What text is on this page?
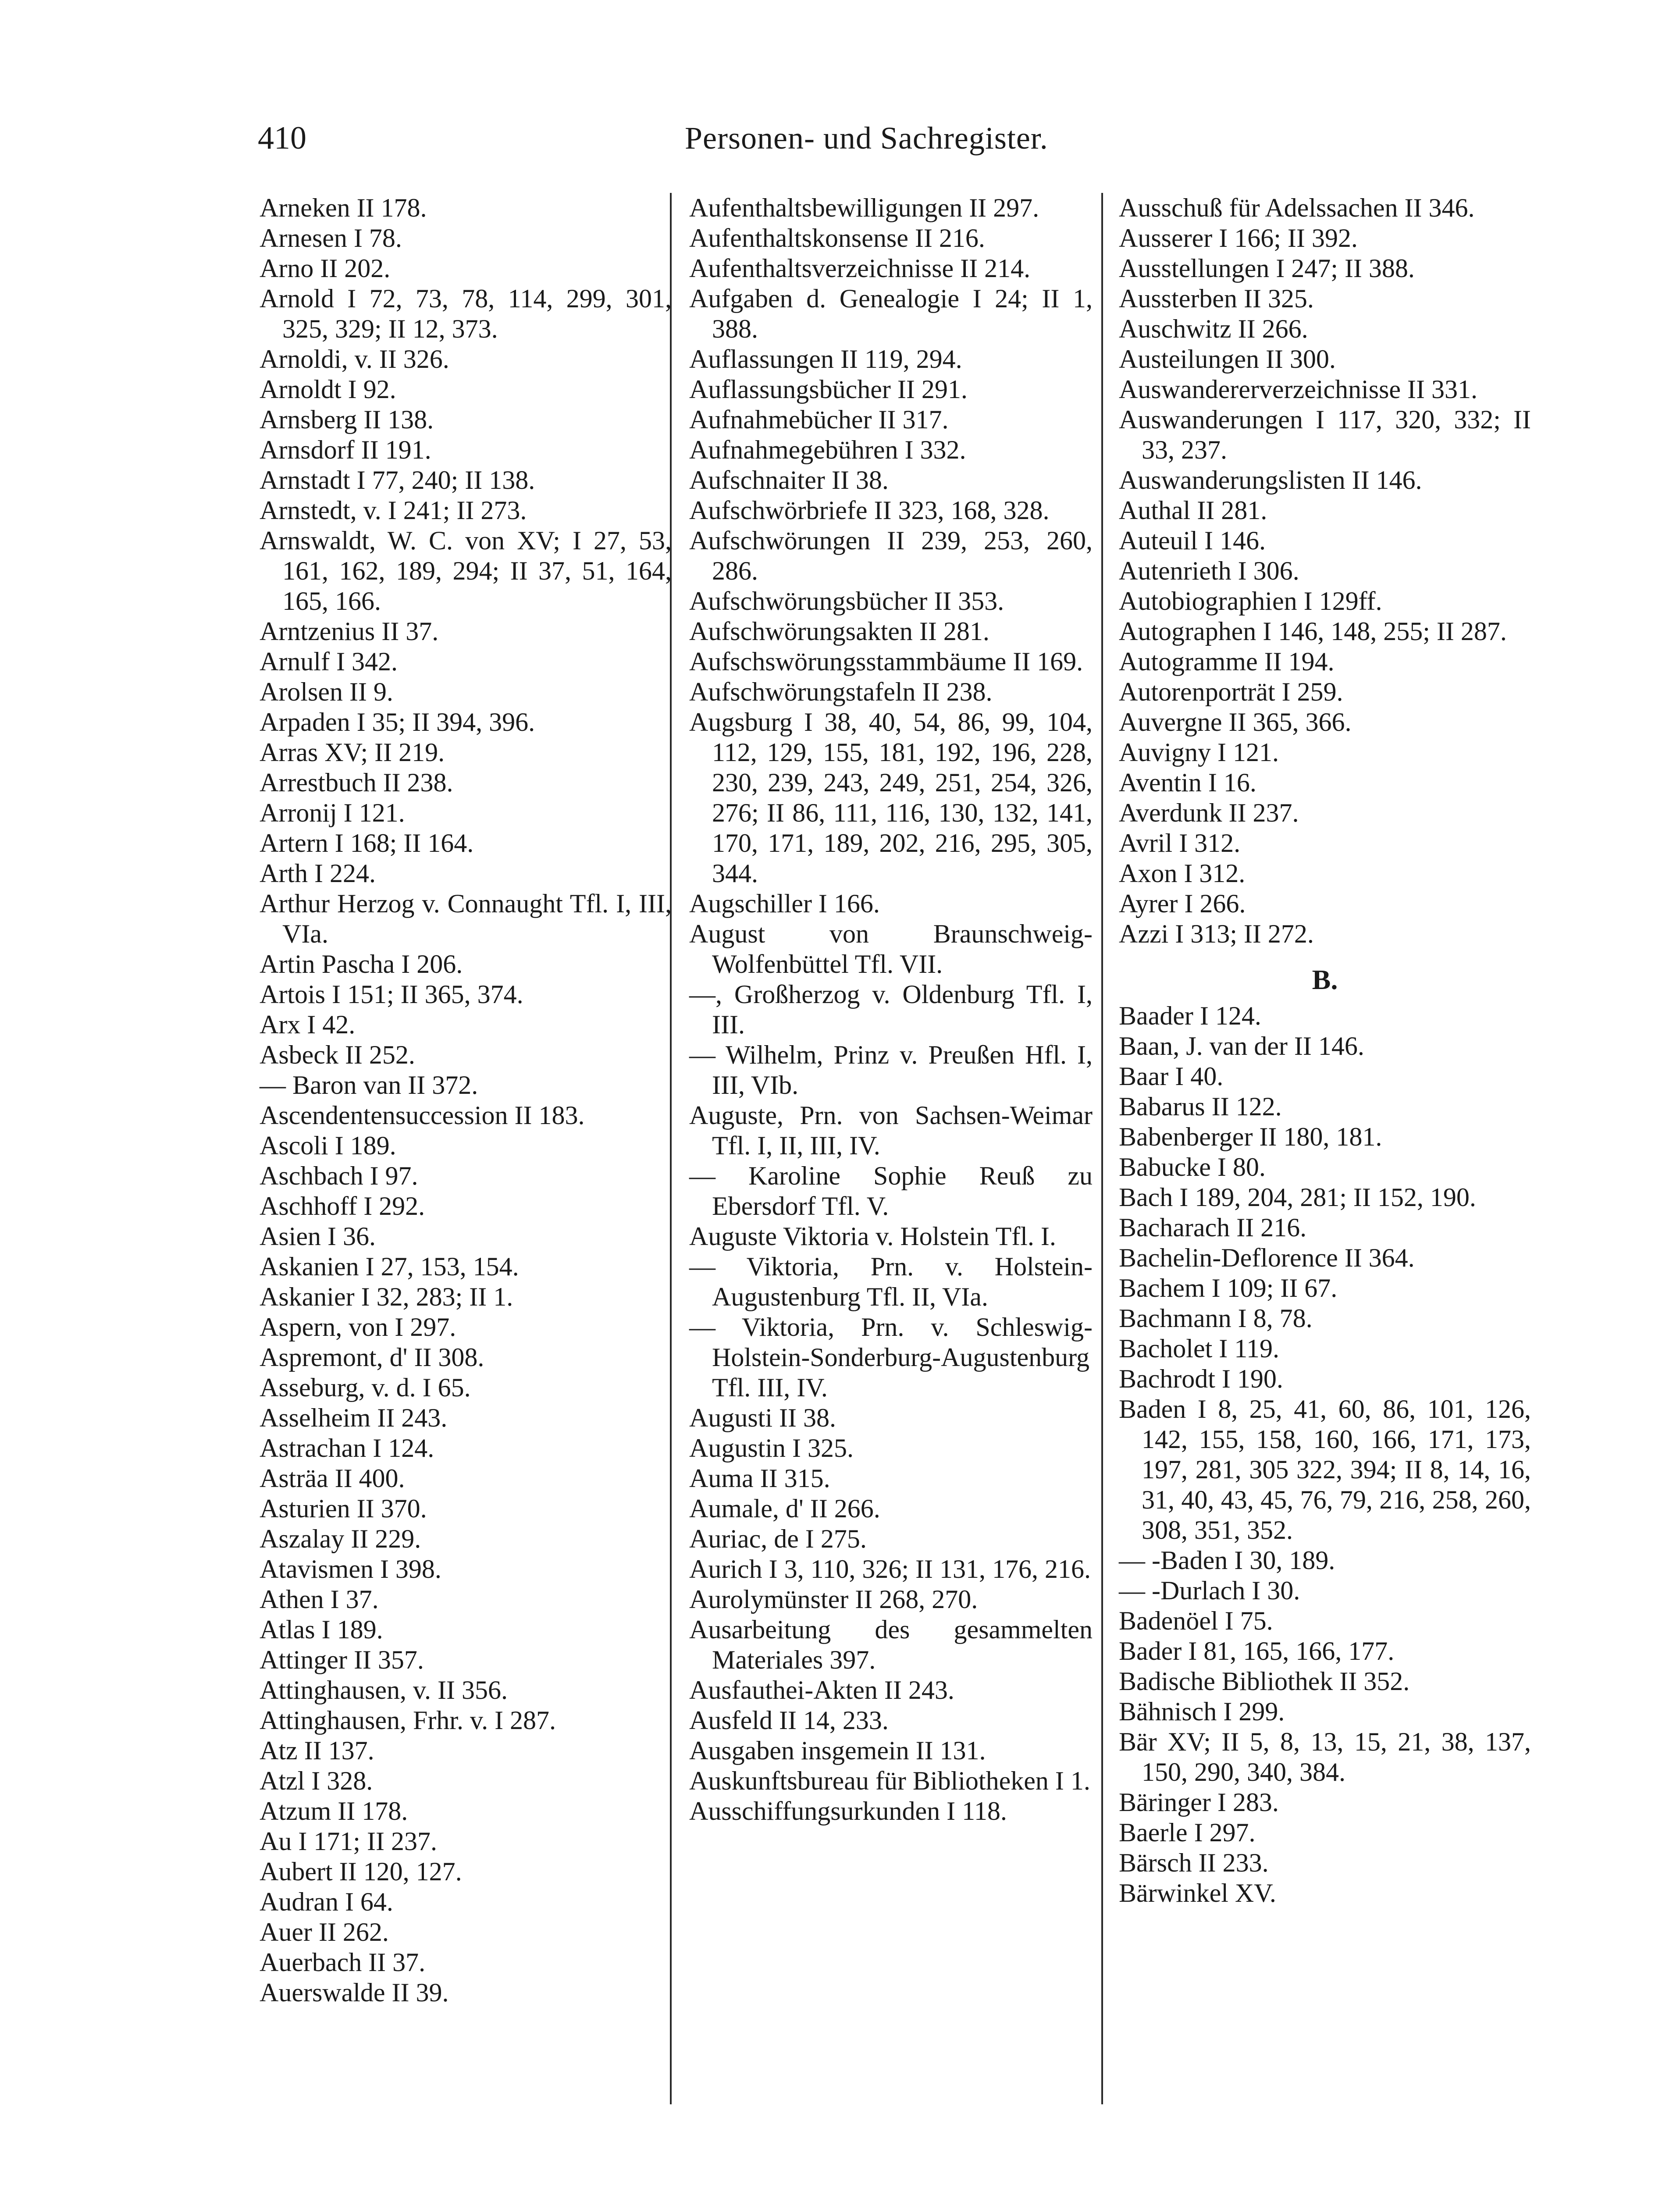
410	Personen- und Sachregister.

Arneken II 178.

Arnesen I 78.

Arno II 202.

Arnold I 72, 73, 78, 114, 299, 301, 325, 329; II 12, 373.

Arnoldi, v. II 326.

Arnoldt I 92.

Arnsberg II 138.

Arnsdorf II 191.

Arnstadt I 77, 240; II 138.

Arnstedt, v. I 241; II 273.

Arnswaldt, W. C. von XV; I 27, 53, 161, 162, 189, 294; II 37, 51, 164, 165, 166.

Arntzenius II 37.

Arnulf I 342.

Arolsen II 9.

Arpaden I 35; II 394, 396.

Arras XV; II 219.

Arrestbuch II 238.

Arronij I 121.

Artern I 168; II 164.

Arth I 224.

Arthur Herzog v. Connaught Tfl. I, III, VIa.

Artin Pascha I 206.

Artois I 151; II 365, 374.

Arx I 42.

Asbeck II 252.

— Baron van II 372.

Ascendentensuccession II 183.

Ascoli I 189.

Aschbach I 97.

Aschhoff I 292.

Asien I 36.

Askanien I 27, 153, 154.

Askanier I 32, 283; II 1.

Aspern, von I 297.

Aspremont, d' II 308.

Asseburg, v. d. I 65.

Asselheim II 243.

Astrachan I 124.

Asträa II 400.

Asturien II 370.

Aszalay II 229.

Atavismen I 398.

Athen I 37.

Atlas I 189.

Attinger II 357.

Attinghausen, v. II 356.

Attinghausen, Frhr. v. I 287.

Atz II 137.

Atzl I 328.

Atzum II 178.

Au I 171; II 237.

Aubert II 120, 127.

Audran I 64.

Auer II 262.

Auerbach II 37.

Auerswalde II 39.

Aufenthaltsbewilligungen II 297.

Aufenthaltskonsense II 216.

Aufenthaltsverzeichnisse II 214.

Aufgaben d. Genealogie I 24; II 1, 388.

Auflassungen II 119, 294.

Auflassungsbücher II 291.

Aufnahmebücher II 317.

Aufnahmegebühren I 332.

Aufschnaiter II 38.

Aufschwörbriefe II 323, 168, 328.

Aufschwörungen II 239, 253, 260, 286.

Aufschwörungsbücher II 353.

Aufschwörungsakten II 281.

Aufschswörungsstammbäume II 169.

Aufschwörungstafeln II 238.

Augsburg I 38, 40, 54, 86, 99, 104, 112, 129, 155, 181, 192, 196, 228, 230, 239, 243, 249, 251, 254, 326, 276; II 86, 111, 116, 130, 132, 141, 170, 171, 189, 202, 216, 295, 305, 344.

Augschiller I 166.

August von Braunschweig-Wolfenbüttel Tfl. VII.

—, Großherzog v. Oldenburg Tfl. I, III.

— Wilhelm, Prinz v. Preußen Hfl. I, III, VIb.

Auguste, Prn. von Sachsen-Weimar Tfl. I, II, III, IV.

— Karoline Sophie Reuß zu Ebersdorf Tfl. V.

Auguste Viktoria v. Holstein Tfl. I.

— Viktoria, Prn. v. Holstein-Augustenburg Tfl. II, VIa.

— Viktoria, Prn. v. Schleswig-Holstein-Sonderburg-Augustenburg Tfl. III, IV.

Augusti II 38.

Augustin I 325.

Auma II 315.

Aumale, d' II 266.

Auriac, de I 275.

Aurich I 3, 110, 326; II 131, 176, 216.

Aurolymünster II 268, 270.

Ausarbeitung des gesammelten Materiales 397.

Ausfauthei-Akten II 243.

Ausfeld II 14, 233.

Ausgaben insgemein II 131.

Auskunftsbureau für Bibliotheken I 1.

Ausschiffungsurkunden I 118.

Ausschuß für Adelssachen II 346.

Ausserer I 166; II 392.

Ausstellungen I 247; II 388.

Aussterben II 325.

Auschwitz II 266.

Austeilungen II 300.

Auswandererverzeichnisse II 331.

Auswanderungen I 117, 320, 332; II 33, 237.

Auswanderungslisten II 146.

Authal II 281.

Auteuil I 146.

Autenrieth I 306.

Autobiographien I 129ff.

Autographen I 146, 148, 255; II 287.

Autogramme II 194.

Autorenporträt I 259.

Auvergne II 365, 366.

Auvigny I 121.

Aventin I 16.

Averdunk II 237.

Avril I 312.

Axon I 312.

Ayrer I 266.

Azzi I 313; II 272.

B.

Baader I 124.

Baan, J. van der II 146.

Baar I 40.

Babarus II 122.

Babenberger II 180, 181.

Babucke I 80.

Bach I 189, 204, 281; II 152, 190.

Bacharach II 216.

Bachelin-Deflorence II 364.

Bachem I 109; II 67.

Bachmann I 8, 78.

Bacholet I 119.

Bachrodt I 190.

Baden I 8, 25, 41, 60, 86, 101, 126, 142, 155, 158, 160, 166, 171, 173, 197, 281, 305 322, 394; II 8, 14, 16, 31, 40, 43, 45, 76, 79, 216, 258, 260, 308, 351, 352.

— -Baden I 30, 189.

— -Durlach I 30.

Badenöel I 75.

Bader I 81, 165, 166, 177.

Badische Bibliothek II 352.

Bähnisch I 299.

Bär XV; II 5, 8, 13, 15, 21, 38, 137, 150, 290, 340, 384.

Bäringer I 283.

Baerle I 297.

Bärsch II 233.

Bärwinkel XV.
